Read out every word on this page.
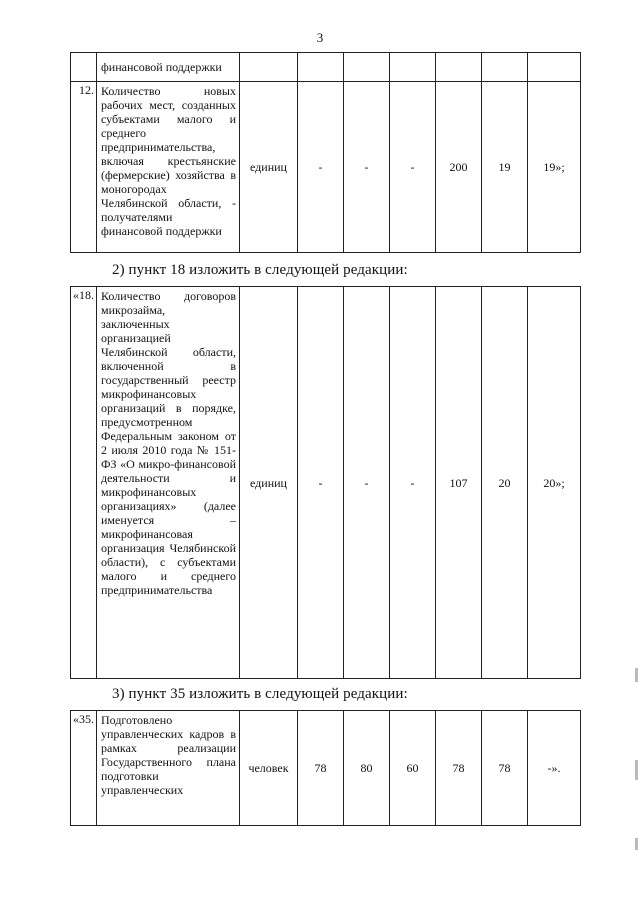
3
	финансовой поддержки							
12.	Количество новых рабочих мест, созданных субъектами малого и среднего предпринимательства, включая крестьянские (фермерские) хозяйства в моногородах Челябинской области, - получателями финансовой поддержки	единиц	-	-	-	200	19	19»;
2) пункт 18 изложить в следующей редакции:
«18.	Количество договоров микрозайма, заключенных организацией Челябинской области, включенной в государственный реестр микрофинансовых организаций в порядке, предусмотренном Федеральным законом от 2 июля 2010 года № 151-ФЗ «О микро-финансовой деятельности и микрофинансовых организациях» (далее именуется – микрофинансовая организация Челябинской области), с субъектами малого и среднего предпринимательства	единиц	-	-	-	107	20	20»;
3) пункт 35 изложить в следующей редакции:
«35.	Подготовлено управленческих кадров в рамках реализации Государственного плана подготовки управленческих	человек	78	80	60	78	78	-».
